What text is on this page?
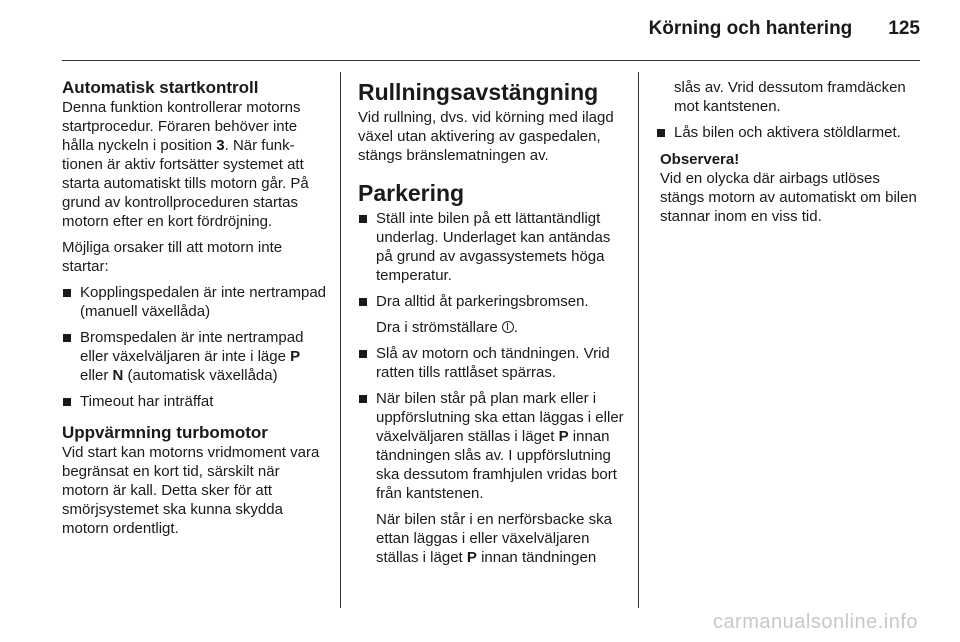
Körning och hantering 125
Automatisk startkontroll

Denna funktion kontrollerar motorns startprocedur. Föraren behöver inte hålla nyckeln i position 3. När funktionen är aktiv fortsätter systemet att starta automatiskt tills motorn går. På grund av kontrollproceduren startas motorn efter en kort fördröjning.

Möjliga orsaker till att motorn inte startar:

Kopplingspedalen är inte nertrampad (manuell växellåda)
Bromspedalen är inte nertrampad eller växelväljaren är inte i läge P eller N (automatisk växellåda)
Timeout har inträffat
Uppvärmning turbomotor

Vid start kan motorns vridmoment vara begränsat en kort tid, särskilt när motorn är kall. Detta sker för att smörjsystemet ska kunna skydda motorn ordentligt.

Rullningsavstängning

Vid rullning, dvs. vid körning med ilagd växel utan aktivering av gaspedalen, stängs bränslematningen av.

Parkering
Ställ inte bilen på ett lättantändligt underlag. Underlaget kan antändas på grund av avgassystemets höga temperatur.
Dra alltid åt parkeringsbromsen.
Dra i strömställare .
Slå av motorn och tändningen. Vrid ratten tills rattlåset spärras.
När bilen står på plan mark eller i uppförslutning ska ettan läggas i eller växelväljaren ställas i läget P innan tändningen slås av. I uppförslutning ska dessutom framhjulen vridas bort från kantstenen.
När bilen står i en nerförsbacke ska ettan läggas i eller växelväljaren ställas i läget P innan tändningen

slås av. Vrid dessutom framdäcken mot kantstenen.

Lås bilen och aktivera stöldlarmet.
Observera!
Vid en olycka där airbags utlöses stängs motorn av automatiskt om bilen stannar inom en viss tid.
carmanualsonline.info
